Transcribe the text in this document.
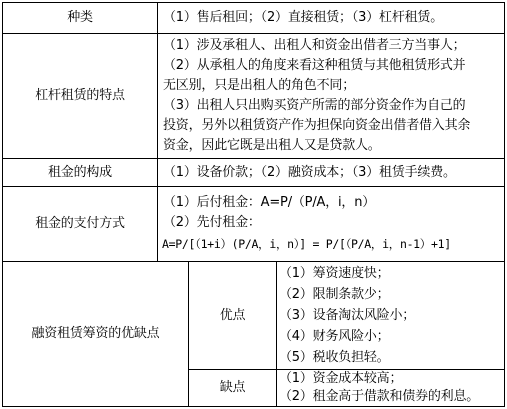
种类	（1）售后租回；（2）直接租赁；（3）杠杆租赁。
杠杆租赁的特点
（1）涉及承租人、出租人和资金出借者三方当事人；
（2）从承租人的角度来看这种租赁与其他租赁形式并
无区别，只是出租人的角色不同；
（3）出租人只出购买资产所需的部分资金作为自己的
投资，另外以租赁资产作为担保向资金出借者借入其余
资金，因此它既是出租人又是贷款人。
租金的构成	（1）设备价款；（2）融资成本；（3）租赁手续费。
租金的支付方式
（1）后付租金：A=P/（P/A，i，n）
（2）先付租金：
A=P/[（1+i）(P/A，i，n）] = P/[（P/A，i，n-1）+1]
融资租赁筹资的优缺点
优点
（1）筹资速度快；
（2）限制条款少；
（3）设备淘汰风险小；
（4）财务风险小；
（5）税收负担轻。
缺点
（1）资金成本较高；
（2）租金高于借款和债券的利息。
